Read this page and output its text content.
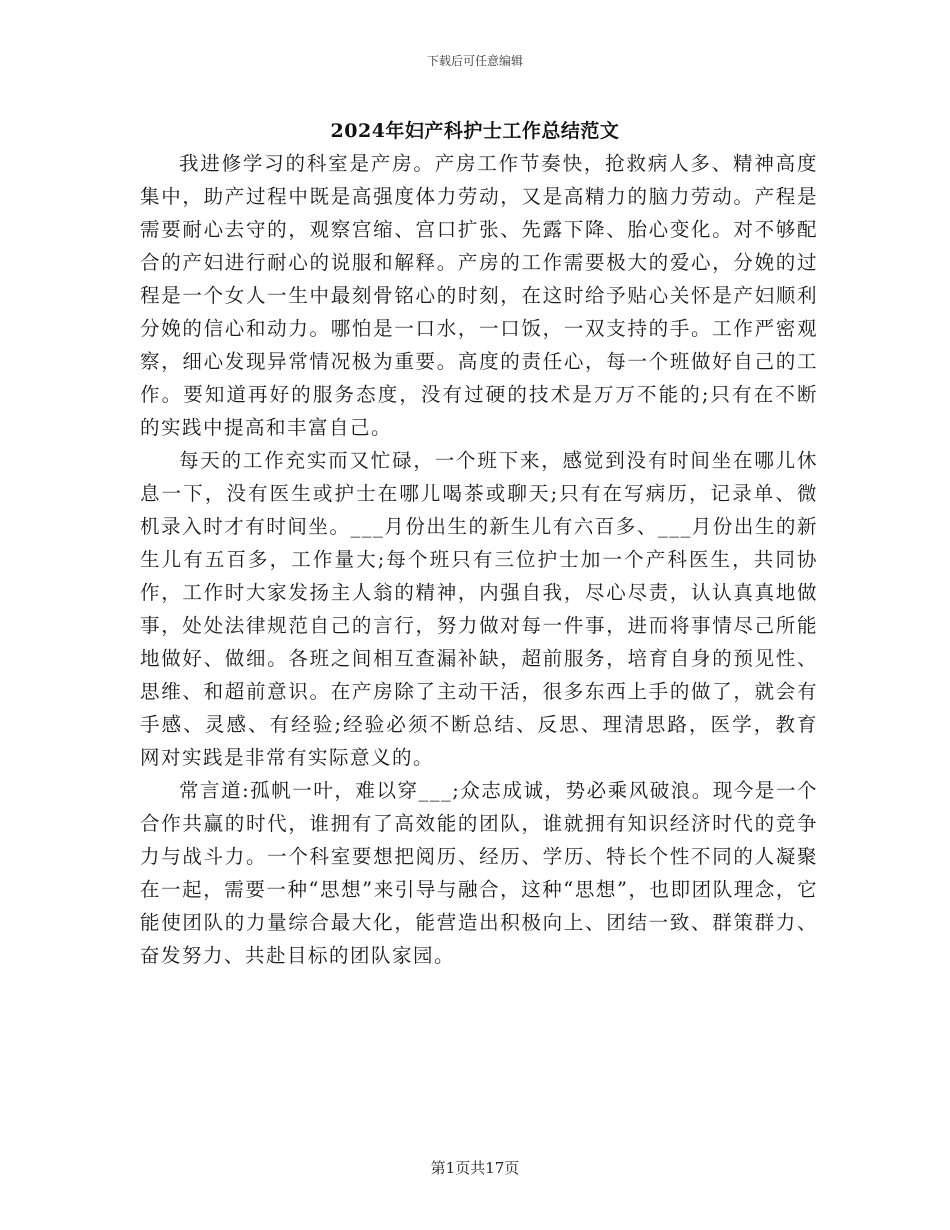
下载后可任意编辑
2024年妇产科护士工作总结范文

我进修学习的科室是产房。产房工作节奏快，抢救病人多、精神高度集中，助产过程中既是高强度体力劳动，又是高精力的脑力劳动。产程是需要耐心去守的，观察宫缩、宫口扩张、先露下降、胎心变化。对不够配合的产妇进行耐心的说服和解释。产房的工作需要极大的爱心，分娩的过程是一个女人一生中最刻骨铭心的时刻，在这时给予贴心关怀是产妇顺利分娩的信心和动力。哪怕是一口水，一口饭，一双支持的手。工作严密观察，细心发现异常情况极为重要。高度的责任心，每一个班做好自己的工作。要知道再好的服务态度，没有过硬的技术是万万不能的;只有在不断的实践中提高和丰富自己。

每天的工作充实而又忙碌，一个班下来，感觉到没有时间坐在哪儿休息一下，没有医生或护士在哪儿喝茶或聊天;只有在写病历，记录单、微机录入时才有时间坐。___月份出生的新生儿有六百多、___月份出生的新生儿有五百多，工作量大;每个班只有三位护士加一个产科医生，共同协作，工作时大家发扬主人翁的精神，内强自我，尽心尽责，认认真真地做事，处处法律规范自己的言行，努力做对每一件事，进而将事情尽己所能地做好、做细。各班之间相互查漏补缺，超前服务，培育自身的预见性、思维、和超前意识。在产房除了主动干活，很多东西上手的做了，就会有手感、灵感、有经验;经验必须不断总结、反思、理清思路，医学，教育网对实践是非常有实际意义的。

常言道:孤帆一叶，难以穿___;众志成诚，势必乘风破浪。现今是一个合作共赢的时代，谁拥有了高效能的团队，谁就拥有知识经济时代的竞争力与战斗力。一个科室要想把阅历、经历、学历、特长个性不同的人凝聚在一起，需要一种“思想”来引导与融合，这种“思想”，也即团队理念，它能使团队的力量综合最大化，能营造出积极向上、团结一致、群策群力、奋发努力、共赴目标的团队家园。

第1页共17页
